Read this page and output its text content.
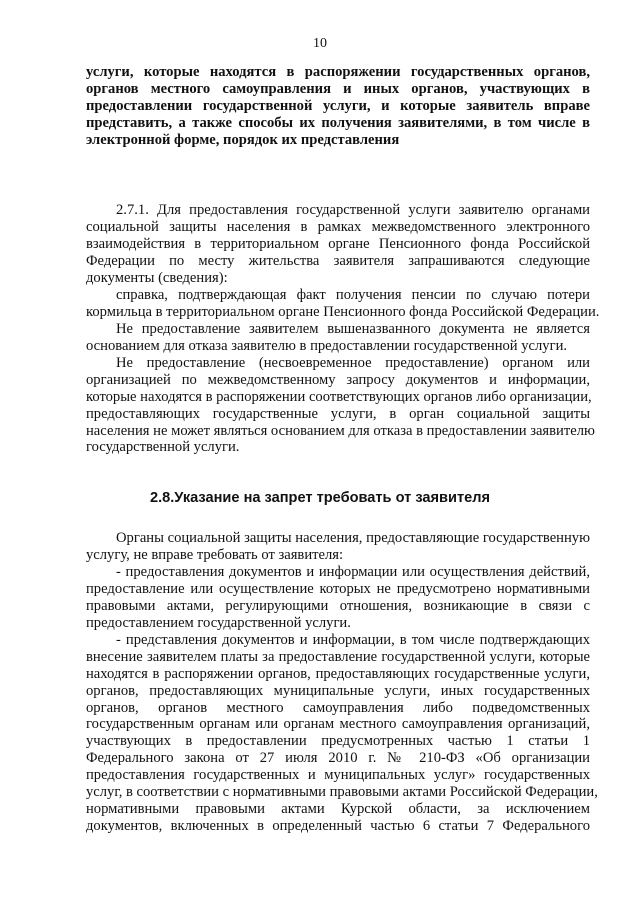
10
услуги, которые находятся в распоряжении государственных органов,
органов местного самоуправления и иных органов, участвующих в
предоставлении государственной услуги, и которые заявитель вправе
представить, а также способы их получения заявителями, в том числе в
электронной форме, порядок их представления
2.7.1. Для предоставления государственной услуги заявителю органами
социальной защиты населения в рамках межведомственного электронного
взаимодействия в территориальном органе Пенсионного фонда Российской
Федерации по месту жительства заявителя запрашиваются следующие
документы (сведения):
справка, подтверждающая факт получения пенсии по случаю потери
кормильца в территориальном органе Пенсионного фонда Российской Федерации.
Не предоставление заявителем вышеназванного документа не является
основанием для отказа заявителю в предоставлении государственной услуги.
Не предоставление (несвоевременное предоставление) органом или
организацией по межведомственному запросу документов и информации,
которые находятся в распоряжении соответствующих органов либо организации,
предоставляющих государственные услуги, в орган социальной защиты
населения не может являться основанием для отказа в предоставлении заявителю
государственной услуги.
2.8.Указание на запрет требовать от заявителя
Органы социальной защиты населения, предоставляющие государственную
услугу, не вправе требовать от заявителя:
- предоставления документов и информации или осуществления действий,
предоставление или осуществление которых не предусмотрено нормативными
правовыми актами, регулирующими отношения, возникающие в связи с
предоставлением государственной услуги.
- представления документов и информации, в том числе подтверждающих
внесение заявителем платы за предоставление государственной услуги, которые
находятся в распоряжении органов, предоставляющих государственные услуги,
органов, предоставляющих муниципальные услуги, иных государственных
органов, органов местного самоуправления либо подведомственных
государственным органам или органам местного самоуправления организаций,
участвующих в предоставлении предусмотренных частью 1 статьи 1
Федерального закона от 27 июля 2010 г. № 210-ФЗ «Об организации
предоставления государственных и муниципальных услуг» государственных
услуг, в соответствии с нормативными правовыми актами Российской Федерации,
нормативными правовыми актами Курской области, за исключением
документов, включенных в определенный частью 6 статьи 7 Федерального
